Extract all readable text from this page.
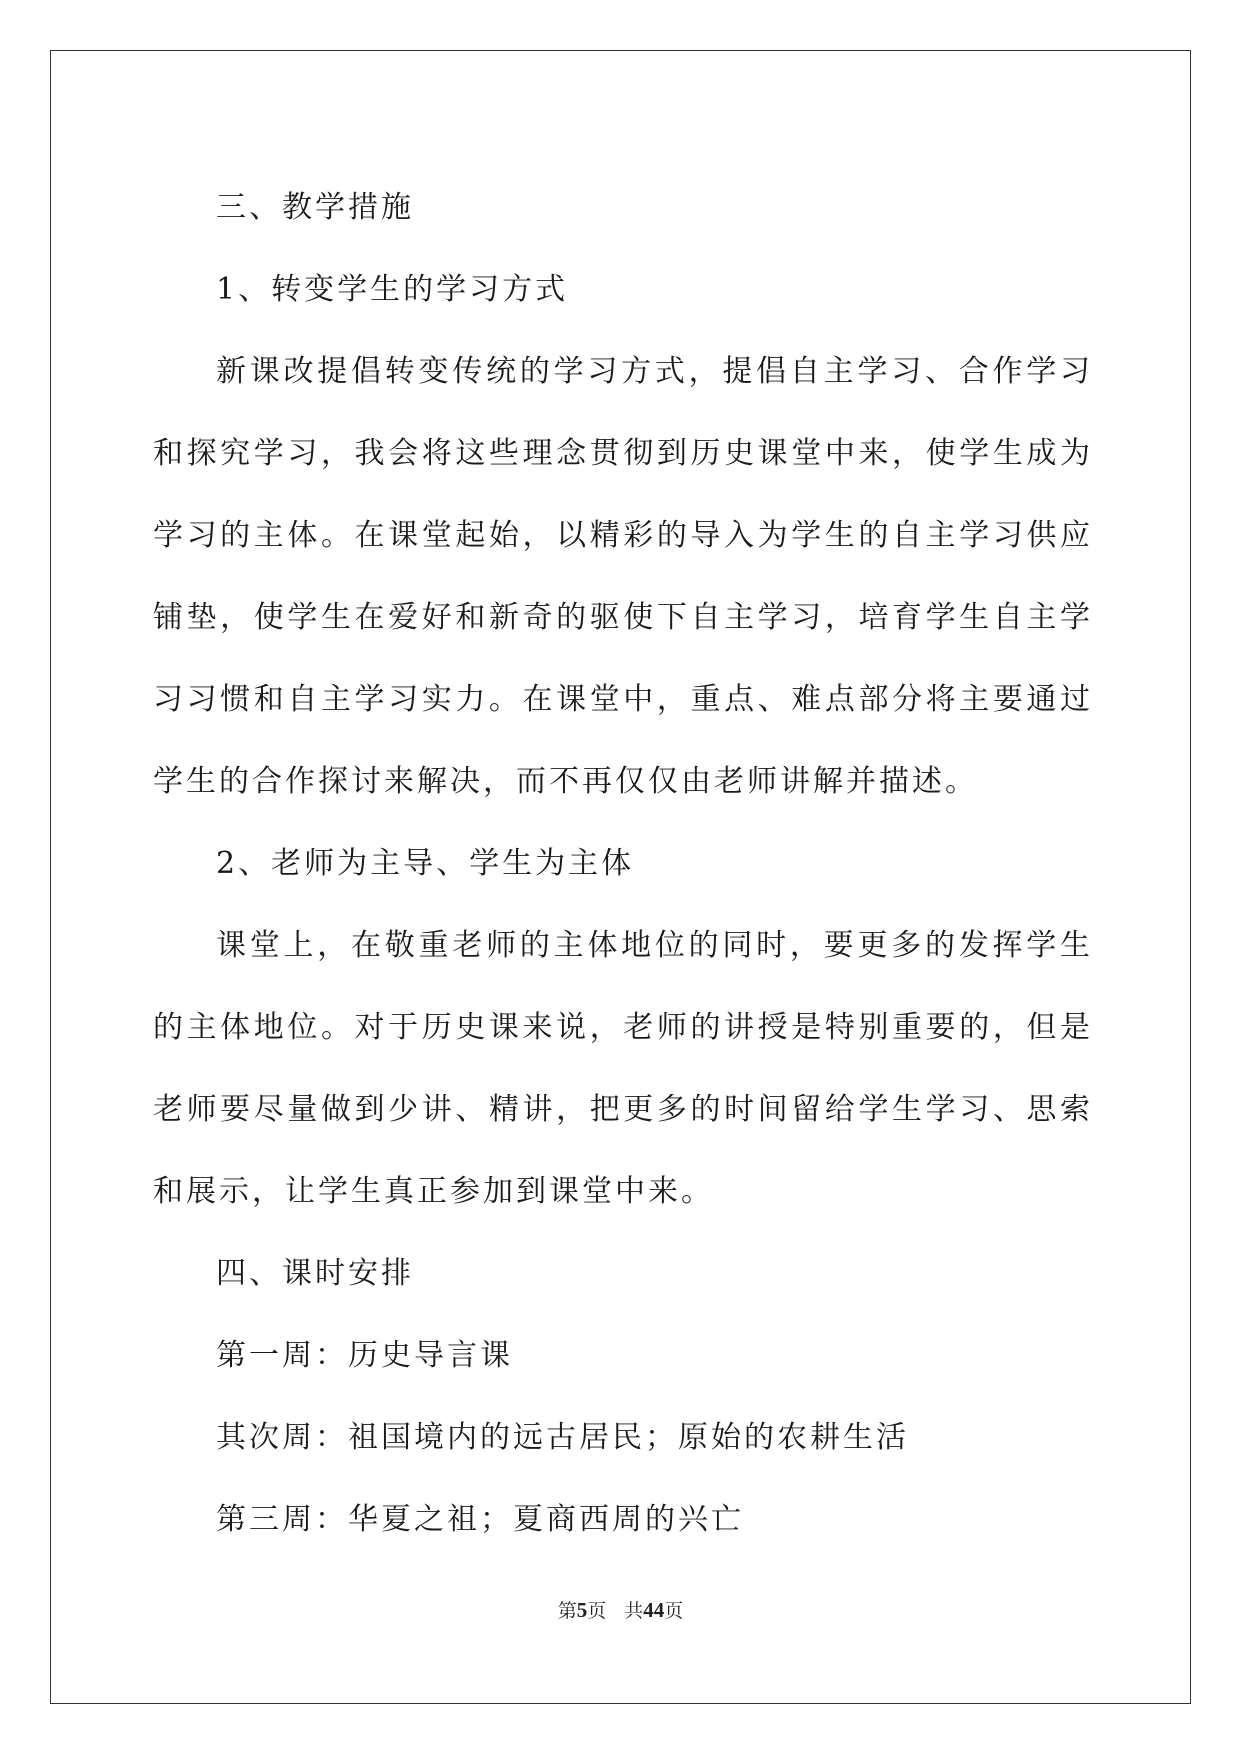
三、教学措施

1、转变学生的学习方式

新课改提倡转变传统的学习方式，提倡自主学习、合作学习和探究学习，我会将这些理念贯彻到历史课堂中来，使学生成为学习的主体。在课堂起始，以精彩的导入为学生的自主学习供应铺垫，使学生在爱好和新奇的驱使下自主学习，培育学生自主学习习惯和自主学习实力。在课堂中，重点、难点部分将主要通过学生的合作探讨来解决，而不再仅仅由老师讲解并描述。

2、老师为主导、学生为主体

课堂上，在敬重老师的主体地位的同时，要更多的发挥学生的主体地位。对于历史课来说，老师的讲授是特别重要的，但是老师要尽量做到少讲、精讲，把更多的时间留给学生学习、思索和展示，让学生真正参加到课堂中来。

四、课时安排

第一周：历史导言课

其次周：祖国境内的远古居民；原始的农耕生活

第三周：华夏之祖；夏商西周的兴亡

第5页 共44页
